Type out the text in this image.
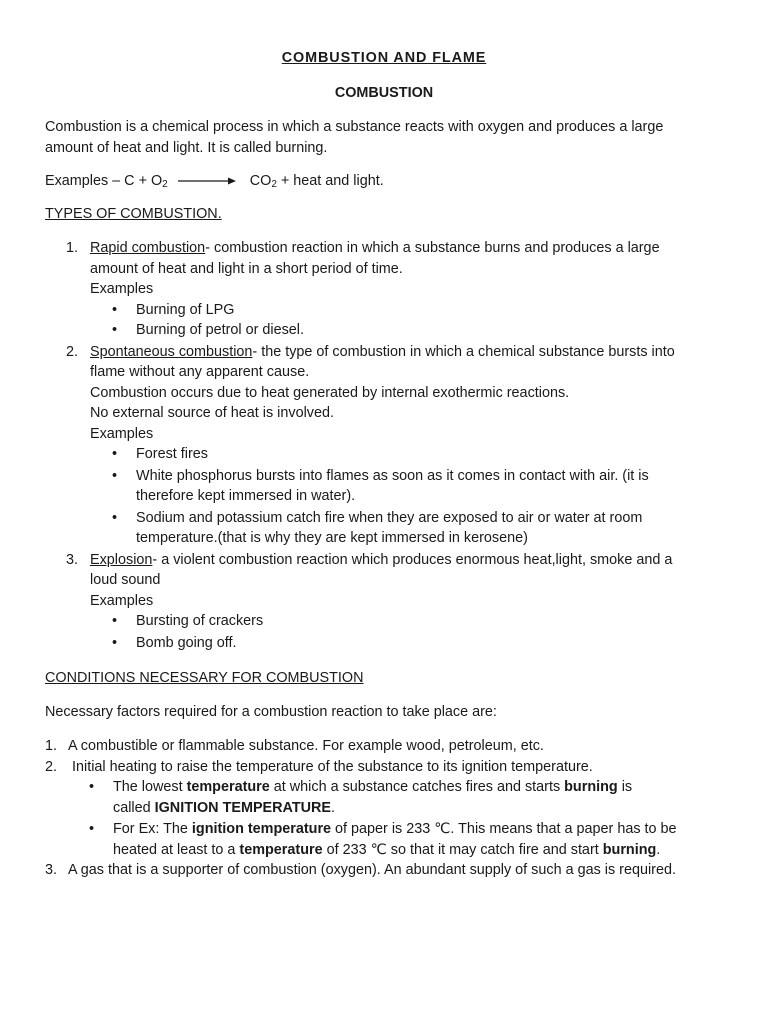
COMBUSTION AND FLAME
COMBUSTION
Combustion is a chemical process in which a substance reacts with oxygen and produces a large
amount of heat and light. It is called burning.
Examples – $C + O_2$	$CO_2$ + heat and light.
TYPES OF COMBUSTION.
1. Rapid combustion- combustion reaction in which a substance burns and produces a large
amount of heat and light in a short period of time.
Examples
• Burning of LPG
• Burning of petrol or diesel.
2. Spontaneous combustion- the type of combustion in which a chemical substance bursts into
flame without any apparent cause.
Combustion occurs due to heat generated by internal exothermic reactions.
No external source of heat is involved.
Examples
• Forest fires
• White phosphorus bursts into flames as soon as it comes in contact with air. (it is
therefore kept immersed in water).
• Sodium and potassium catch fire when they are exposed to air or water at room
temperature.(that is why they are kept immersed in kerosene)
3. Explosion- a violent combustion reaction which produces enormous heat,light, smoke and a
loud sound
Examples
• Bursting of crackers
• Bomb going off.
CONDITIONS NECESSARY FOR COMBUSTION
Necessary factors required for a combustion reaction to take place are:
1. A combustible or flammable substance. For example wood, petroleum, etc.
2.	Initial heating to raise the temperature of the substance to its ignition temperature.
• The lowest temperature at which a substance catches fires and starts burning is
called IGNITION TEMPERATURE.
• For Ex: The ignition temperature of paper is 233 ℃. This means that a paper has to be
heated at least to a temperature of 233 ℃ so that it may catch fire and start burning.
3. A gas that is a supporter of combustion (oxygen). An abundant supply of such a gas is required.
